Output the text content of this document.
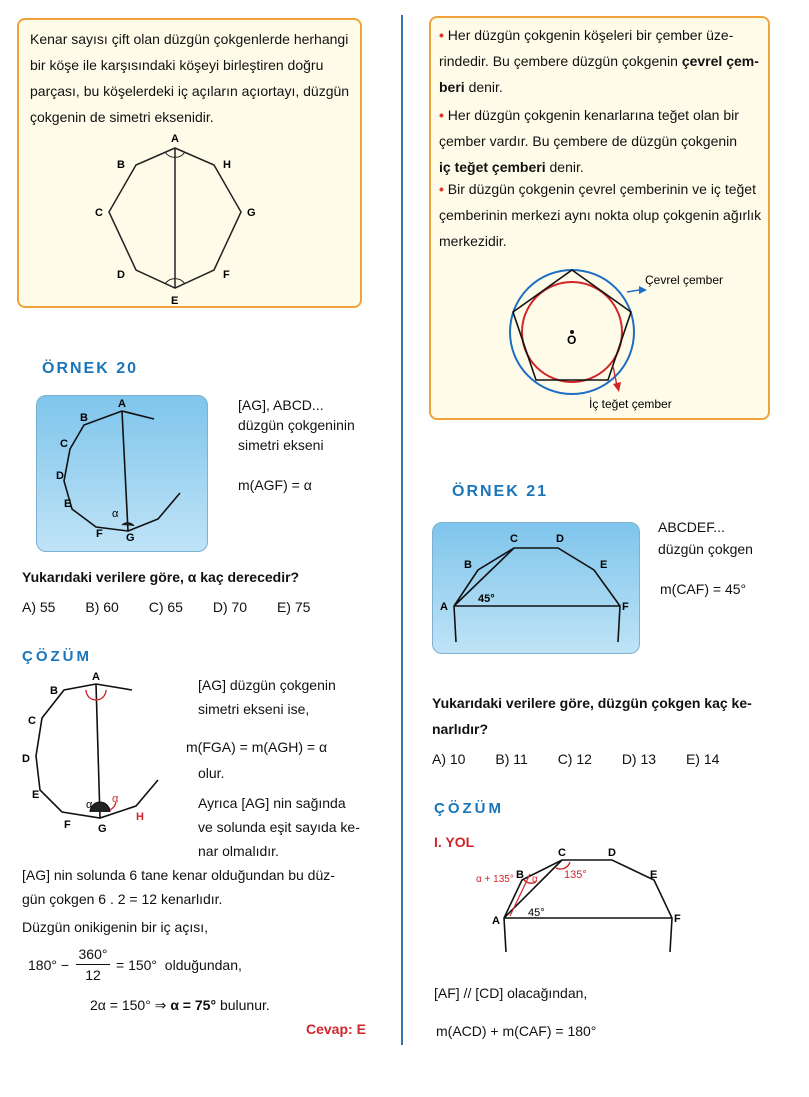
Kenar sayısı çift olan düzgün çokgenlerde herhangi bir köşe ile karşısındaki köşeyi birleştiren doğru parçası, bu köşelerdeki iç açıların açıortayı, düzgün çokgenin de simetri eksenidir.
A
B
C
D
E
F
G
H
ÖRNEK 20
A
B
C
D
E
F G
α
[AG], ABCD...
düzgün çokgeninin
simetri ekseni
m(AGF) = α
Yukarıdaki verilere göre, α kaç derecedir?
A) 55 B) 60 C) 65 D) 70 E) 75
ÇÖZÜM
A
B
C
D
E
F G
H
α α
[AG] düzgün çokgenin
simetri ekseni ise,
m(FGA) = m(AGH) = α
olur.
Ayrıca [AG] nin sağında
ve solunda eşit sayıda ke-
nar olmalıdır.
[AG] nin solunda 6 tane kenar olduğundan bu düz-
gün çokgen 6 . 2 = 12 kenarlıdır.
Düzgün onikigenin bir iç açısı,
$180^\circ - \frac{360^\circ}{12} = 150^\circ$  olduğundan,
2α = 150° ⇒ α = 75° bulunur.
Cevap: E
• Her düzgün çokgenin köşeleri bir çember üze-
rindedir. Bu çembere düzgün çokgenin çevrel çem-
beri denir.
• Her düzgün çokgenin kenarlarına teğet olan bir
çember vardır. Bu çembere de düzgün çokgenin
iç teğet çemberi denir.
• Bir düzgün çokgenin çevrel çemberinin ve iç teğet
çemberinin merkezi aynı nokta olup çokgenin ağırlık
merkezidir.
O
Çevrel çember
İç teğet çember
ÖRNEK 21
45°
A
B
C	D
E
F
ABCDEF...
düzgün çokgen
m(CAF) = 45°
Yukarıdaki verilere göre, düzgün çokgen kaç ke-
narlıdır?
A) 10 B) 11 C) 12 D) 13 E) 14
ÇÖZÜM
I. YOL
α + 135°
45°
135°
α
A
B
C	D
E
F
[AF] // [CD] olacağından,
m(ACD) + m(CAF) = 180°
